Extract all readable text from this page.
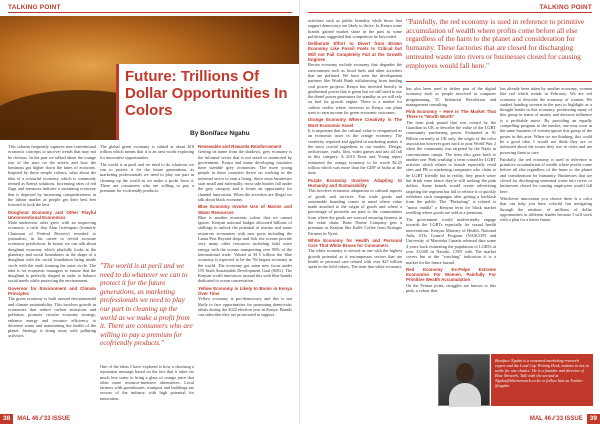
TALKING POINT
Future: Trillions Of Dollar Opportunities In Colors
By Boniface Ngahu

This column frequently captures non-conventional economic concepts to uncover trends that may not be obvious. In the past we talked about the orange rise of the stars on the streets and how the luminous got higher down the lanes of economy. Inspired by these simple colours, what about the idea of a colourful economy, which is commonly termed as Kenya solutions. Increasing rates of red flags and measures indicate a sustaining economy that is depicted by increasing competitiveness in the labour market as people get their best feet forward to look the best.

Doughnut Economy and Other Playful Unconventional Economics

Mala underwear sales grew with an improving economy, a trick that Alan Greenspan (formerly Chairman of Federal Reserve) revealed to journalists, in his career to reveal accurate economic predictions. In future we can talk about doughnut economy which playfully looks at the planetary and social boundaries in the shape of a doughnut with the social foundation being inside circle with the earth forming the outer circle. The idea is for economic managers to ensure that the doughnut is perfectly shaped in order to balance social needs while protecting the environment.

Governor for Environment and Climate Principles

The green economy is built around environmental and climate sustainability. This involves growth in economies that reduce carbon emissions and pollution, promote circular economy strategy, enhance energy and resource efficiency to decrease waste and maintaining the health of the planet. Strategy is doing away with polluting activities.

The global green economy is valued at about $10 trillion which means that it is an area worth exploring for innovative opportunities.

The world is at peril and we need to do whatever we can to protect it for the future generations, as marketing professionals we need to play our part in cleaning up the world as we make a profit from it. There are consumers who are willing to pay a premium for ecofriendly products.

"The world is at peril and we need to do whatever we can to protect it for the future generations, as marketing professionals we need to play our part in cleaning up the world as we make a profit from it. There are consumers who are willing to pay a premium for ecofriendly products."

One of the ideas I have explored is how a choosing a reputation message based on the fact that it takes far much less water to bring a glass of orange juice that other more resource-intensive alternatives. Local farmers with greenhouses, transport and buildings are sectors of the industry with high potential for innovation.

Renewable and Rewards Reinforcement

Getting its name from the shadows, grey economy is the informal sector that is not taxed or monitored by government. Kenya and many developing countries have sizeable grey economies. The more young people in these countries thrive on working in the informal sector to earn a living. Since most businesses start small and informally, most side hustles fall under the grey category and it forms an opportunity for channel innovation. When the activities are illegal we talk about black economy.

Blue Economy Involve Use of Marine and Water Resources

Blue is another economic colour that we cannot ignore. Kenyan national budget allocated billions of shillings to unlock the potential of marine and water resources economies with new ports including the Lamu Port Beyond ships and fish, the oceans provide very many other resources including tidal wave energy with the oceans transporting over 90% of the international trade. Valued at $1.5 trillion the blue economy is expected to be the 7th largest economy in the world. The economy got some new focus under UN Sixth Sustainable Development Goal (SDG). The Kenyan world innovators around this with blue brands dedicated to ocean conservation.

Yellow Economy is Likely to Boom in Kenya Over Time

Yellow economy is pro-democracy and this is not likely to face opportunities for promoting democratic ideals during the 2022 election year in Kenya. Brands can subscribe they are prosecuted to support

38	MAL 46 ⁄⁄ 33 ISSUE
TALKING POINT

activities such as public brutality while those that support democracy are likely to thrive. In Kenya some brands gained market share in the past as some politicians suggested that competitors be boycotted.

Deliberate Effort to Divert from Brown Economy Like Fossil Fuels Is Critical but Will not Fail Completely Fail at the Growth Engines

Brown economy include economy that degrades the environment such as fossil fuels and other activities that are polluted. We have seen the development partners like World Bank withdrawing from funding coal power projects. Kenya has invested heavily in geothermal power that is green but we still need to use the diesel power generators for standby as we still rely on fuel for growth engine. There is a market for carbon credits where investors in Kenya can plant trees to earn income for green economic outcomes.

Orange Economy Where Creativity is The Most Economic Asset

It is important that the cultural value is reorganised as an economic asset in the orange economy. The creativity required and applied in marketing makes it the most crucial ingredient to our market. Design, architecture, crafts, film, video games and arts all fall in this category. A 2015 Ernst and Young report estimated the orange economy to be worth $2.25 trillion which was more than the GDP of India at the time.

Purple Economy Involves Adapting to Humanity and Sustainability

This involves economic adaptation to cultural aspects of goods and services. Fair trade goods and sustainable branding comes in mind where value made attached to the origin of goods and where a percentage of proceeds are paid to the communities from where the goods are sourced ensuring fairness in the value chain. Bean Theme Company gets a premium in Kenyan like Kaffe Coffee from Kisinger Farmers in Nyeri.

White Economy for Health and Personal Care That White Brows for Consumers

The white economy is viewed as one with the highest growth potential as it encompasses sectors that are health or personal care related with over $27 trillion spent in the field values. The term that white economy

"Painfully, the red economy is used in reference to primitive accumulation of wealth where profits come before all else regardless of the harm to the planet and consideration for humanity. These factories that are closed for discharging untreated waste into rivers or businesses closed for causing employees would fall here."

has also been used to define part of the digital economy such as people involved in computer programming, IT, Industrial Revolution and management consulting.

Pink Economy – Here Is The Market That There Is "Worth Worth"

The term pink pound that was coined by the Guardian in UK to describe the value of the LGBT community purchasing power. Estimated at 81 Billion currently in UK only, the origin of the color association however goes back to post World War 2 when the community was targeted by the Nazis in concentration camps. The term also gave birth to another one 'Pink washing' a term coined by LGBT activists which relates to brands especially retail sites and PR or marketing companies who claim to be LGBT friendly but in reality, they peach water but drink wine hence they're still seeking the pink dollars. Some brands would create advertising targeting the segment but fail to release it or quickly withdraw such campaigns after getting a backlash from the public. The "Pinkalong" is related to "moist vanilla" a Kenyan term for black market reselling where goods are sold at a premium.

The government would inadvertently engage towards the LGBTs especially for sexual health interventions. Kenyan Ministry of Health, National Aids, STIs Control Program (NASCOP) and University of Manitoba Canada released data some 3 years back estimating the population of LGBTs at over 33,000 in Nairobi. CNN with The market covers but at the "watching" indication it is a market for the future hazard.

Red Economy Ex-Pelpe Extreme Economies For Women, Painfully For Primitive Wealth Accumulation

On the Fenton point, struggles are known to this pink, a colour that

has already been taken by another economy, women like red which trends in February. We are red economy to describe the economy of women. We studied handing women in the past to highlight as a thought leader in this economy, positioning many of this group in terms of money and decision influence is a profitable move. By providing an equally compelling program to the market, one may soon in the same business of women ignore this group of the power in this area. When we are thinking, this could be a good idea, I would not think they are so informed about the issues they rise in cities and are powering them to care.

Painfully, the red economy is used in reference to primitive accumulation of wealth where profits come before all else regardless of the harm to the planet and consideration for humanity. Businesses that are closed for discharging untreated waste into rivers or businesses closed for causing employees would fall here.

Whichever innovation you choose there is a color that can help you have colorful fun navigating through the rainbow of millions of dollar opportunities in different shades because I will work with a plan for a better future.

Boniface Ngahu is a seasoned marketing research expert and the Lead Cap Writing Desk, nations to not to settle for one chance. He is a founder and director of Blue Network. Talk with the second at Ngahu@bluenetwork.co.ke or follow him on Twitter: @ngahu
MAL 46 ⁄⁄ 33 ISSUE	39
